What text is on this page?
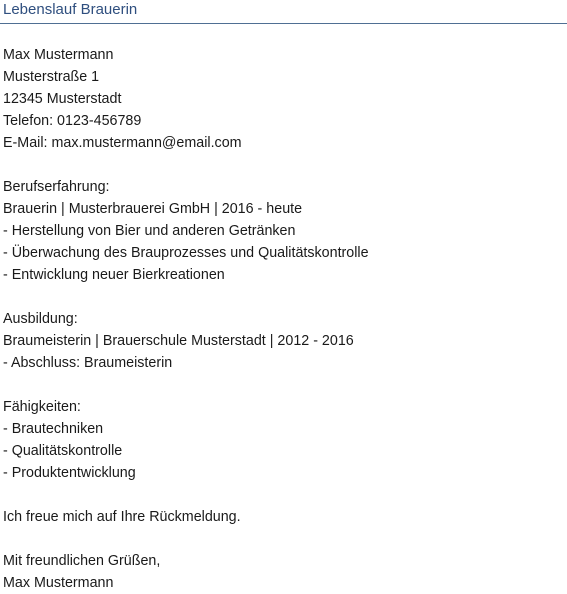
Lebenslauf Brauerin
Max Mustermann
Musterstraße 1
12345 Musterstadt
Telefon: 0123-456789
E-Mail: max.mustermann@email.com
Berufserfahrung:
Brauerin | Musterbrauerei GmbH | 2016 - heute
- Herstellung von Bier und anderen Getränken
- Überwachung des Brauprozesses und Qualitätskontrolle
- Entwicklung neuer Bierkreationen
Ausbildung:
Braumeisterin | Brauerschule Musterstadt | 2012 - 2016
- Abschluss: Braumeisterin
Fähigkeiten:
- Brautechniken
- Qualitätskontrolle
- Produktentwicklung
Ich freue mich auf Ihre Rückmeldung.
Mit freundlichen Grüßen,
Max Mustermann
